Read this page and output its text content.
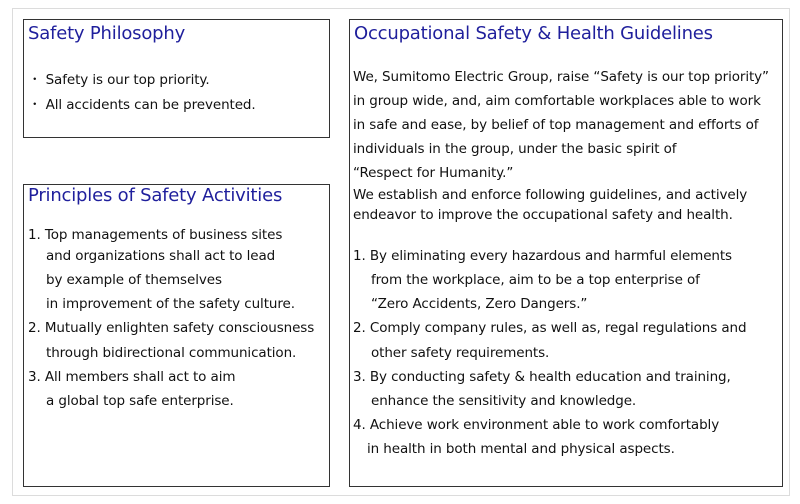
Safety Philosophy
・ Safety is our top priority.
・ All accidents can be prevented.
Principles of Safety Activities
1. Top managements of business sites
and organizations shall act to lead
by example of themselves
in improvement of the safety culture.
2. Mutually enlighten safety consciousness
through bidirectional communication.
3. All members shall act to aim
a global top safe enterprise.
Occupational Safety & Health Guidelines
We, Sumitomo Electric Group, raise “Safety is our top priority”
in group wide, and, aim comfortable workplaces able to work
in safe and ease, by belief of top management and efforts of
individuals in the group, under the basic spirit of
“Respect for Humanity.”
We establish and enforce following guidelines, and actively
endeavor to improve the occupational safety and health.
1. By eliminating every hazardous and harmful elements
from the workplace, aim to be a top enterprise of
“Zero Accidents, Zero Dangers.”
2. Comply company rules, as well as, regal regulations and
other safety requirements.
3. By conducting safety & health education and training,
enhance the sensitivity and knowledge.
4. Achieve work environment able to work comfortably
in health in both mental and physical aspects.
